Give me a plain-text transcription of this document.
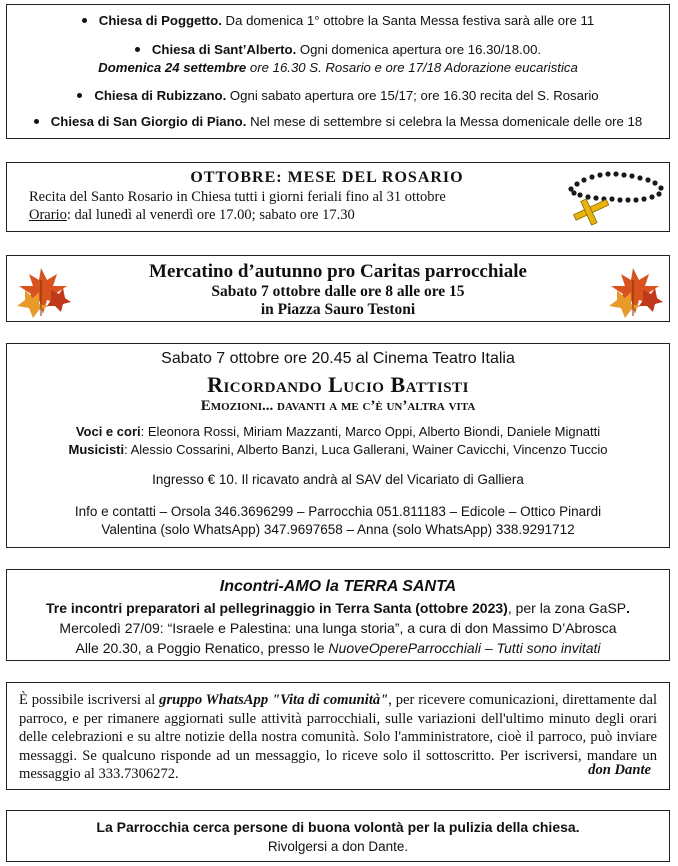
Chiesa di Poggetto. Da domenica 1° ottobre la Santa Messa festiva sarà alle ore 11
Chiesa di Sant’Alberto. Ogni domenica apertura ore 16.30/18.00.
Domenica 24 settembre ore 16.30 S. Rosario e ore 17/18 Adorazione eucaristica
Chiesa di Rubizzano. Ogni sabato apertura ore 15/17; ore 16.30 recita del S. Rosario
Chiesa di San Giorgio di Piano. Nel mese di settembre si celebra la Messa domenicale delle ore 18
OTTOBRE: MESE DEL ROSARIO
Recita del Santo Rosario in Chiesa tutti i giorni feriali fino al 31 ottobre
Orario: dal lunedì al venerdì ore 17.00; sabato ore 17.30
Mercatino d’autunno pro Caritas parrocchiale
Sabato 7 ottobre dalle ore 8 alle ore 15
in Piazza Sauro Testoni
Sabato 7 ottobre ore 20.45 al Cinema Teatro Italia
Ricordando Lucio Battisti
Emozioni... davanti a me c’è un’altra vita
Voci e cori: Eleonora Rossi, Miriam Mazzanti, Marco Oppi, Alberto Biondi, Daniele Mignatti
Musicisti: Alessio Cossarini, Alberto Banzi, Luca Gallerani, Wainer Cavicchi, Vincenzo Tuccio
Ingresso € 10. Il ricavato andrà al SAV del Vicariato di Galliera
Info e contatti – Orsola 346.3696299 – Parrocchia 051.811183 – Edicole – Ottico Pinardi
Valentina (solo WhatsApp) 347.9697658 – Anna (solo WhatsApp) 338.9291712
Incontri-AMO la TERRA SANTA
Tre incontri preparatori al pellegrinaggio in Terra Santa (ottobre 2023), per la zona GaSP.
Mercoledì 27/09: “Israele e Palestina: una lunga storia”, a cura di don Massimo D’Abrosca
Alle 20.30, a Poggio Renatico, presso le NuoveOpereParrocchiali – Tutti sono invitati
È possibile iscriversi al gruppo WhatsApp "Vita di comunità", per ricevere comunicazioni, direttamente dal parroco, e per rimanere aggiornati sulle attività parrocchiali, sulle variazioni dell'ultimo minuto degli orari delle celebrazioni e su altre notizie della nostra comunità. Solo l'amministratore, cioè il parroco, può inviare messaggi. Se qualcuno risponde ad un messaggio, lo riceve solo il sottoscritto. Per iscriversi, mandare un messaggio al 333.7306272.	don Dante
La Parrocchia cerca persone di buona volontà per la pulizia della chiesa.
Rivolgersi a don Dante.
